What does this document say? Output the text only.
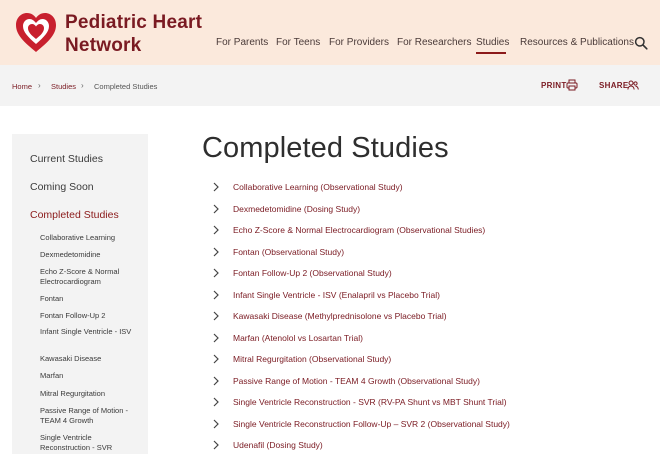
Pediatric Heart
Network	For Parents For Teens For Providers For Researchers Studies Resources & Publications
Home › Studies › Completed Studies	PRINT	SHARE
Current Studies
Coming Soon
Completed Studies
Collaborative Learning
Dexmedetomidine
Echo Z-Score & Normal Electrocardiogram
Fontan
Fontan Follow-Up 2
Infant Single Ventricle - ISV
Kawasaki Disease
Marfan
Mitral Regurgitation
Passive Range of Motion - TEAM 4 Growth
Single Ventricle Reconstruction - SVR
Completed Studies
Collaborative Learning (Observational Study)
Dexmedetomidine (Dosing Study)
Echo Z-Score & Normal Electrocardiogram (Observational Studies)
Fontan (Observational Study)
Fontan Follow-Up 2 (Observational Study)
Infant Single Ventricle - ISV (Enalapril vs Placebo Trial)
Kawasaki Disease (Methylprednisolone vs Placebo Trial)
Marfan (Atenolol vs Losartan Trial)
Mitral Regurgitation (Observational Study)
Passive Range of Motion - TEAM 4 Growth (Observational Study)
Single Ventricle Reconstruction - SVR (RV-PA Shunt vs MBT Shunt Trial)
Single Ventricle Reconstruction Follow-Up – SVR 2 (Observational Study)
Udenafil (Dosing Study)
